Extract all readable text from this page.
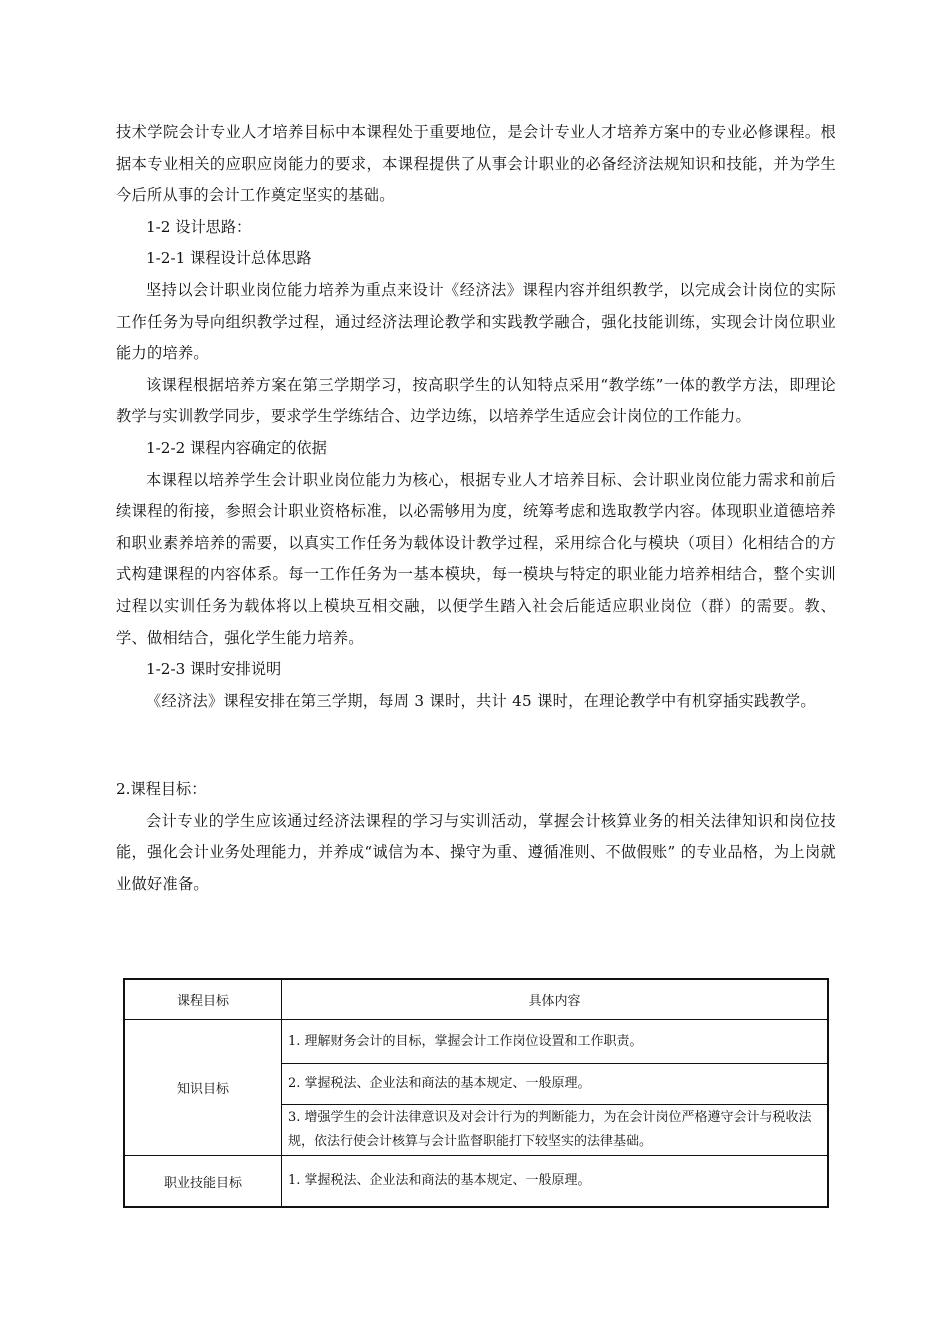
技术学院会计专业人才培养目标中本课程处于重要地位，是会计专业人才培养方案中的专业必修课程。根据本专业相关的应职应岗能力的要求，本课程提供了从事会计职业的必备经济法规知识和技能，并为学生今后所从事的会计工作奠定坚实的基础。

1-2 设计思路：

1-2-1 课程设计总体思路

坚持以会计职业岗位能力培养为重点来设计《经济法》课程内容并组织教学，以完成会计岗位的实际工作任务为导向组织教学过程，通过经济法理论教学和实践教学融合，强化技能训练，实现会计岗位职业能力的培养。

该课程根据培养方案在第三学期学习，按高职学生的认知特点采用“教学练”一体的教学方法，即理论教学与实训教学同步，要求学生学练结合、边学边练，以培养学生适应会计岗位的工作能力。

1-2-2 课程内容确定的依据

本课程以培养学生会计职业岗位能力为核心，根据专业人才培养目标、会计职业岗位能力需求和前后续课程的衔接，参照会计职业资格标准，以必需够用为度，统筹考虑和选取教学内容。体现职业道德培养和职业素养培养的需要，以真实工作任务为载体设计教学过程，采用综合化与模块（项目）化相结合的方式构建课程的内容体系。每一工作任务为一基本模块，每一模块与特定的职业能力培养相结合，整个实训过程以实训任务为载体将以上模块互相交融，以便学生踏入社会后能适应职业岗位（群）的需要。教、学、做相结合，强化学生能力培养。

1-2-3 课时安排说明

《经济法》课程安排在第三学期，每周 3 课时，共计 45 课时，在理论教学中有机穿插实践教学。

2.课程目标：

会计专业的学生应该通过经济法课程的学习与实训活动，掌握会计核算业务的相关法律知识和岗位技能，强化会计业务处理能力，并养成“诚信为本、操守为重、遵循准则、不做假账” 的专业品格，为上岗就业做好准备。

课程目标	具体内容
知识目标	1. 理解财务会计的目标，掌握会计工作岗位设置和工作职责。
	2. 掌握税法、企业法和商法的基本规定、一般原理。
	3. 增强学生的会计法律意识及对会计行为的判断能力，为在会计岗位严格遵守会计与税收法规，依法行使会计核算与会计监督职能打下较坚实的法律基础。
职业技能目标	1. 掌握税法、企业法和商法的基本规定、一般原理。
